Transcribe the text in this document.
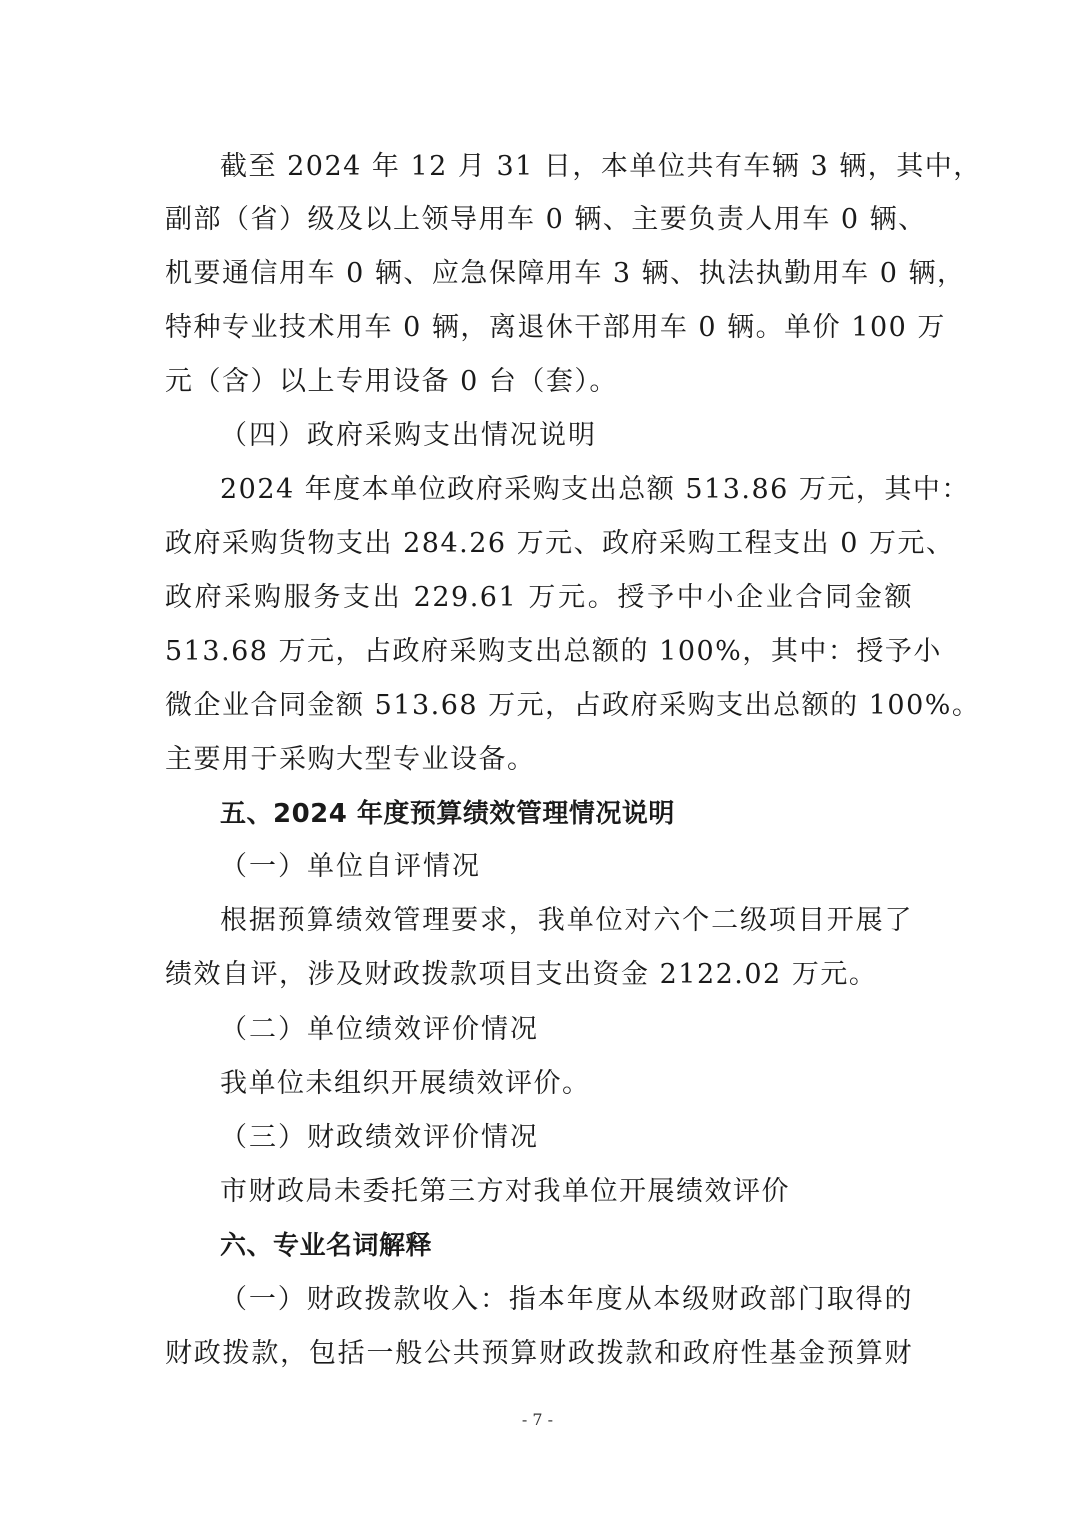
截至 2024 年 12 月 31 日，本单位共有车辆 3 辆，其中，
副部（省）级及以上领导用车 0 辆、主要负责人用车 0 辆、
机要通信用车 0 辆、应急保障用车 3 辆、执法执勤用车 0 辆，
特种专业技术用车 0 辆，离退休干部用车 0 辆。单价 100 万
元（含）以上专用设备 0 台（套）。
（四）政府采购支出情况说明
2024 年度本单位政府采购支出总额 513.86 万元，其中：
政府采购货物支出 284.26 万元、政府采购工程支出 0 万元、
政府采购服务支出 229.61 万元。授予中小企业合同金额
513.68 万元，占政府采购支出总额的 100%，其中：授予小
微企业合同金额 513.68 万元，占政府采购支出总额的 100%。
主要用于采购大型专业设备。
五、2024 年度预算绩效管理情况说明
（一）单位自评情况
根据预算绩效管理要求，我单位对六个二级项目开展了
绩效自评，涉及财政拨款项目支出资金 2122.02 万元。
（二）单位绩效评价情况
我单位未组织开展绩效评价。
（三）财政绩效评价情况
市财政局未委托第三方对我单位开展绩效评价
六、专业名词解释
（一）财政拨款收入：指本年度从本级财政部门取得的
财政拨款，包括一般公共预算财政拨款和政府性基金预算财
- 7 -
